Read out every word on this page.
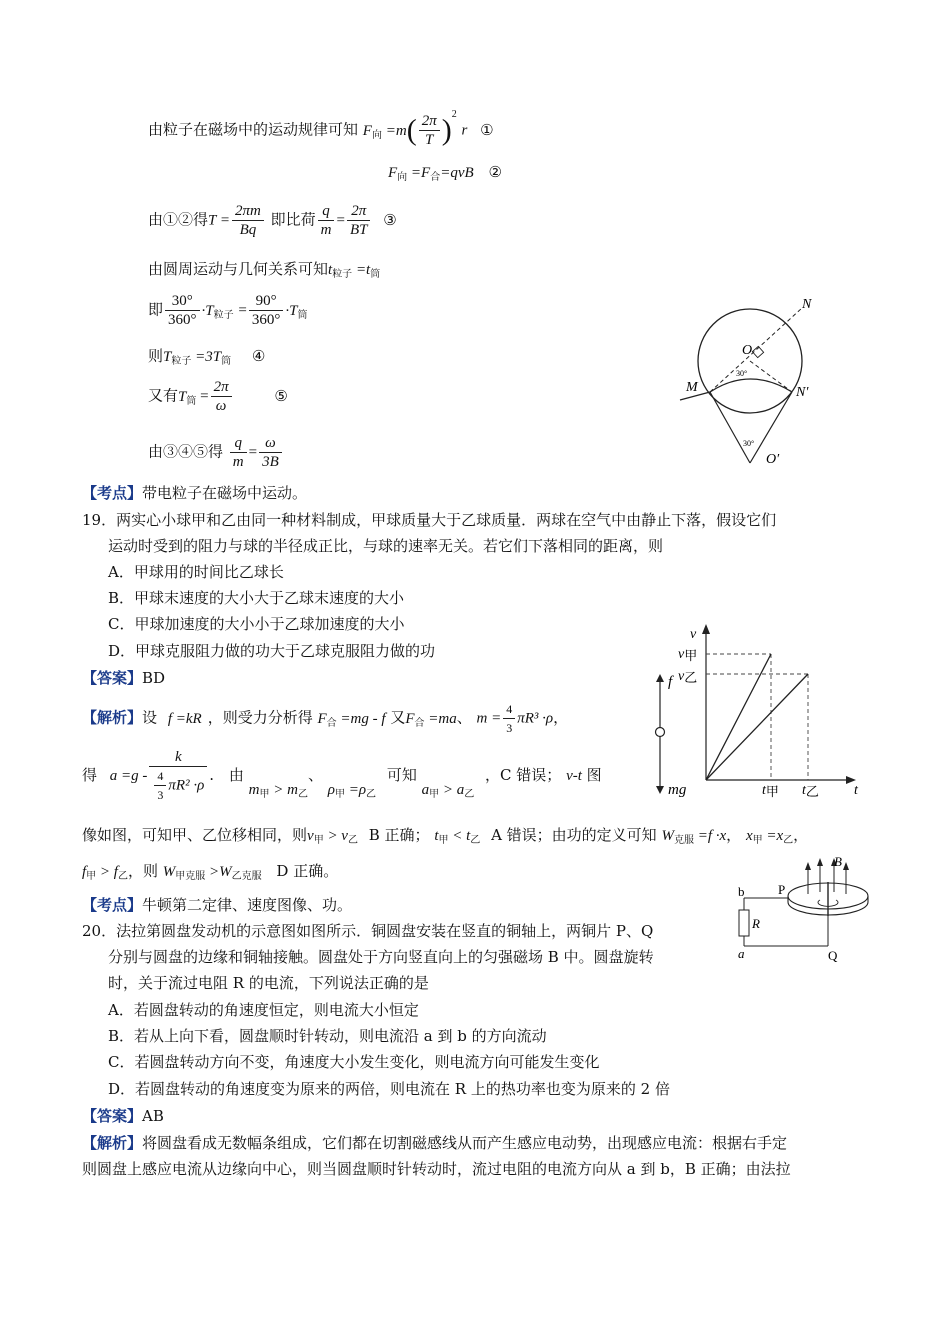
由粒子在磁场中的运动规律可知 $F_向 =m( \frac{2\pi}{T} )^2$ r ①
$F_向 =F_合=qvB$ ②
由①②得$T = \frac{2\pi m}{Bq}$ 即比荷 $\frac{q}{m} = \frac{2\pi}{BT}$ ③
由圆周运动与几何关系可知$t_{粒子} =t_筒$
即 $\frac{30^\circ}{360^\circ} \cdot T_{粒子} = \frac{90^\circ}{360^\circ} \cdot T_筒$
则$T_{粒子} =3T_筒$ ④
又有$T_筒 = \frac{2\pi}{\omega}$	⑤
由③④⑤得 $\frac{q}{m} = \frac{\omega}{3B}$
N
O
M	N′
O′
30°
30°
【考点】带电粒子在磁场中运动。
19．两实心小球甲和乙由同一种材料制成，甲球质量大于乙球质量．两球在空气中由静止下落，假设它们
运动时受到的阻力与球的半径成正比，与球的速率无关。若它们下落相同的距离，则
A．甲球用的时间比乙球长
B．甲球末速度的大小大于乙球末速度的大小
C．甲球加速度的大小小于乙球加速度的大小
D．甲球克服阻力做的功大于乙球克服阻力做的功
【答案】BD
【解析】设 f =kR ，则受力分析得 $F_合 =mg - f$ 又$F_合 =ma$、 $m = \frac{4}{3} \pi R^3 \cdot\rho$，
得 $a =g - \frac{k}{\frac{4}{3} \pi R^2 \cdot\rho}$ . 由 $m_甲 > m_乙$、 $\rho_甲 =\rho_乙$ 可知 $a_甲 > a_乙$ ，C 错误； v-t 图
像如图，可知甲、乙位移相同，则$v_甲 > v_乙$ B 正确； $t_甲 < t_乙$ A 错误；由功的定义可知 $W_{克服} =f \cdot x$， $x_甲 =x_乙$，
$f_甲 > f_乙$，则 $W_{甲克服} >W_{乙克服}$ D 正确。
【考点】牛顿第二定律、速度图像、功。
f
mg
v
t
v甲
v乙
t甲 t乙
20．法拉第圆盘发动机的示意图如图所示．铜圆盘安装在竖直的铜轴上，两铜片 P、Q
分别与圆盘的边缘和铜轴接触。圆盘处于方向竖直向上的匀强磁场 B 中。圆盘旋转
时，关于流过电阻 R 的电流，下列说法正确的是
A．若圆盘转动的角速度恒定，则电流大小恒定
B．若从上向下看，圆盘顺时针转动，则电流沿 a 到 b 的方向流动
C．若圆盘转动方向不变，角速度大小发生变化，则电流方向可能发生变化
D．若圆盘转动的角速度变为原来的两倍，则电流在 R 上的热功率也变为原来的 2 倍
【答案】AB
【解析】将圆盘看成无数幅条组成，它们都在切割磁感线从而产生感应电动势，出现感应电流：根据右手定
则圆盘上感应电流从边缘向中心，则当圆盘顺时针转动时，流过电阻的电流方向从 a 到 b，B 正确；由法拉
b	P
R
a	Q
B
